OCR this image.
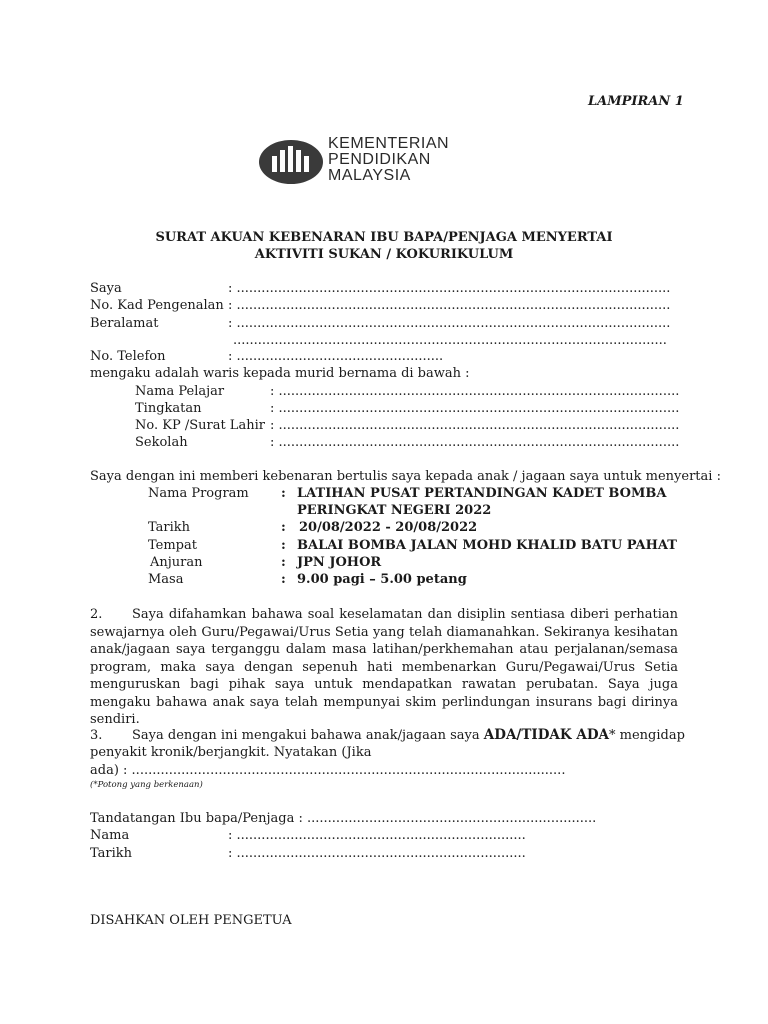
LAMPIRAN 1
KEMENTERIAN
PENDIDIKAN
MALAYSIA
SURAT AKUAN KEBENARAN IBU BAPA/PENJAGA MENYERTAI
AKTIVITI SUKAN / KOKURIKULUM
Saya	: .........................................................................................................
No. Kad Pengenalan : .........................................................................................................
Beralamat	: .........................................................................................................
.........................................................................................................
No. Telefon	: ..................................................
mengaku adalah waris kepada murid bernama di bawah :
Nama Pelajar	: .................................................................................................
Tingkatan	: .................................................................................................
No. KP /Surat Lahir : .................................................................................................
Sekolah	: .................................................................................................
Saya dengan ini memberi kebenaran bertulis saya kepada anak / jagaan saya untuk menyertai :
Nama Program : LATIHAN PUSAT PERTANDINGAN KADET BOMBA
PERINGKAT NEGERI 2022
Tarikh	: 20/08/2022 - 20/08/2022
Tempat	: BALAI BOMBA JALAN MOHD KHALID BATU PAHAT
Anjuran	: JPN JOHOR
Masa	: 9.00 pagi – 5.00 petang
2. Saya difahamkan bahawa soal keselamatan dan disiplin sentiasa diberi perhatian sewajarnya oleh Guru/Pegawai/Urus Setia yang telah diamanahkan. Sekiranya kesihatan anak/jagaan saya terganggu dalam masa latihan/perkhemahan atau perjalanan/semasa program, maka saya dengan sepenuh hati membenarkan Guru/Pegawai/Urus Setia menguruskan bagi pihak saya untuk mendapatkan rawatan perubatan. Saya juga mengaku bahawa anak saya telah mempunyai skim perlindungan insurans bagi dirinya sendiri.
3. Saya dengan ini mengakui bahawa anak/jagaan saya ADA/TIDAK ADA* mengidap
penyakit kronik/berjangkit. Nyatakan (Jika
ada) : .........................................................................................................
(*Potong yang berkenaan)
Tandatangan Ibu bapa/Penjaga : ......................................................................
Nama	: ......................................................................
Tarikh	: ......................................................................
DISAHKAN OLEH PENGETUA
